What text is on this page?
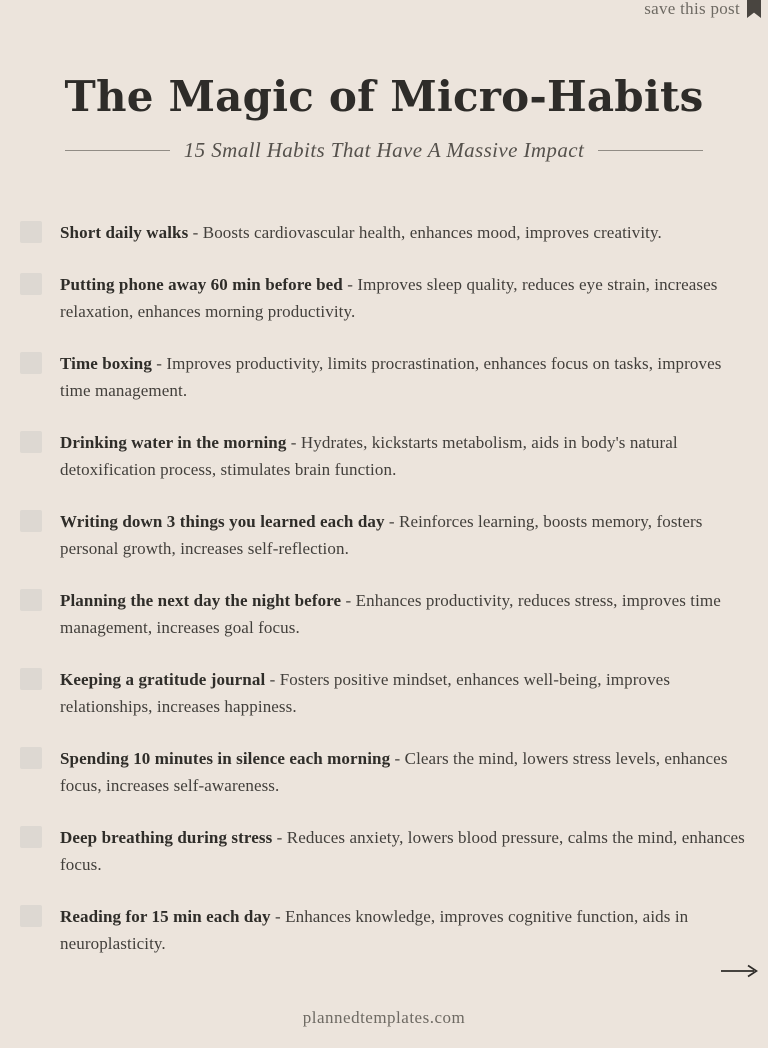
save this post
The Magic of Micro-Habits
15 Small Habits That Have A Massive Impact

Short daily walks - Boosts cardiovascular health, enhances mood, improves creativity.

Putting phone away 60 min before bed - Improves sleep quality, reduces eye strain, increases relaxation, enhances morning productivity.

Time boxing - Improves productivity, limits procrastination, enhances focus on tasks, improves time management.

Drinking water in the morning - Hydrates, kickstarts metabolism, aids in body's natural detoxification process, stimulates brain function.

Writing down 3 things you learned each day - Reinforces learning, boosts memory, fosters personal growth, increases self-reflection.

Planning the next day the night before - Enhances productivity, reduces stress, improves time management, increases goal focus.

Keeping a gratitude journal - Fosters positive mindset, enhances well-being, improves relationships, increases happiness.

Spending 10 minutes in silence each morning - Clears the mind, lowers stress levels, enhances focus, increases self-awareness.

Deep breathing during stress - Reduces anxiety, lowers blood pressure, calms the mind, enhances focus.

Reading for 15 min each day - Enhances knowledge, improves cognitive function, aids in neuroplasticity.

plannedtemplates.com
